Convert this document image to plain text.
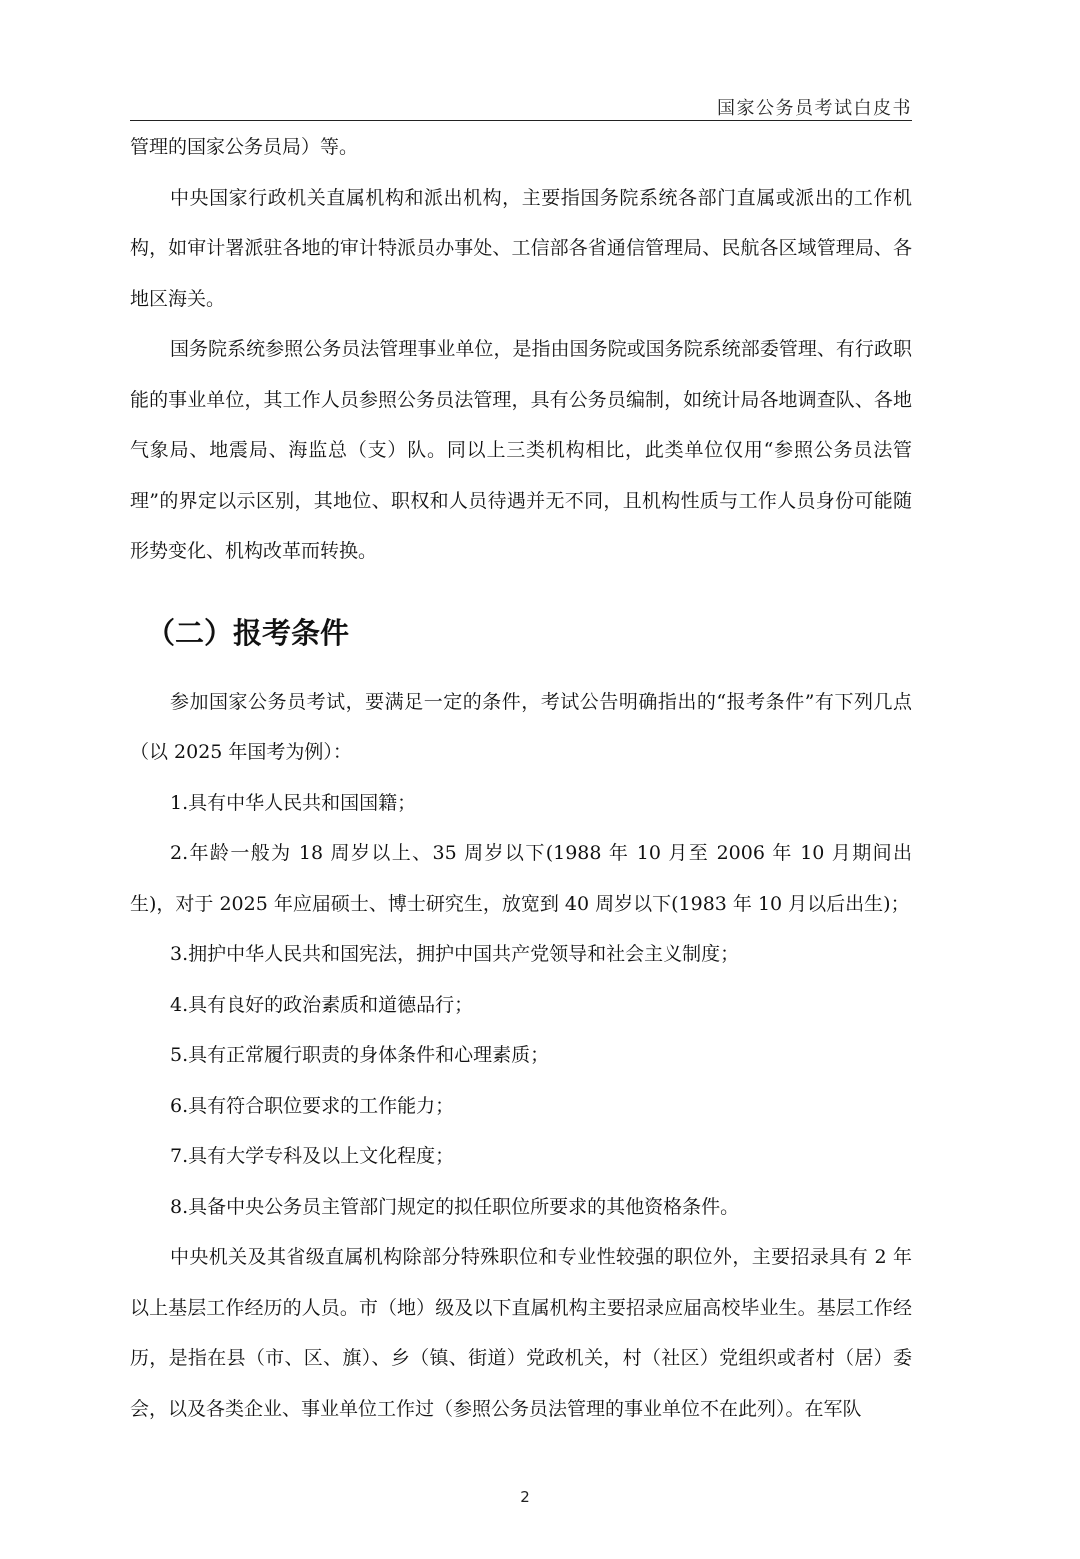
国家公务员考试白皮书

管理的国家公务员局）等。

中央国家行政机关直属机构和派出机构，主要指国务院系统各部门直属或派出的工作机构，如审计署派驻各地的审计特派员办事处、工信部各省通信管理局、民航各区域管理局、各地区海关。

国务院系统参照公务员法管理事业单位，是指由国务院或国务院系统部委管理、有行政职能的事业单位，其工作人员参照公务员法管理，具有公务员编制，如统计局各地调查队、各地气象局、地震局、海监总（支）队。同以上三类机构相比，此类单位仅用“参照公务员法管理”的界定以示区别，其地位、职权和人员待遇并无不同，且机构性质与工作人员身份可能随形势变化、机构改革而转换。

（二）报考条件

参加国家公务员考试，要满足一定的条件，考试公告明确指出的“报考条件”有下列几点（以 2025 年国考为例）：

1.具有中华人民共和国国籍；

2.年龄一般为 18 周岁以上、35 周岁以下(1988 年 10 月至 2006 年 10 月期间出生)，对于 2025 年应届硕士、博士研究生，放宽到 40 周岁以下(1983 年 10 月以后出生)；

3.拥护中华人民共和国宪法，拥护中国共产党领导和社会主义制度；

4.具有良好的政治素质和道德品行；

5.具有正常履行职责的身体条件和心理素质；

6.具有符合职位要求的工作能力；

7.具有大学专科及以上文化程度；

8.具备中央公务员主管部门规定的拟任职位所要求的其他资格条件。

中央机关及其省级直属机构除部分特殊职位和专业性较强的职位外，主要招录具有 2 年以上基层工作经历的人员。市（地）级及以下直属机构主要招录应届高校毕业生。基层工作经历，是指在县（市、区、旗）、乡（镇、街道）党政机关，村（社区）党组织或者村（居）委会，以及各类企业、事业单位工作过（参照公务员法管理的事业单位不在此列）。在军队

2
